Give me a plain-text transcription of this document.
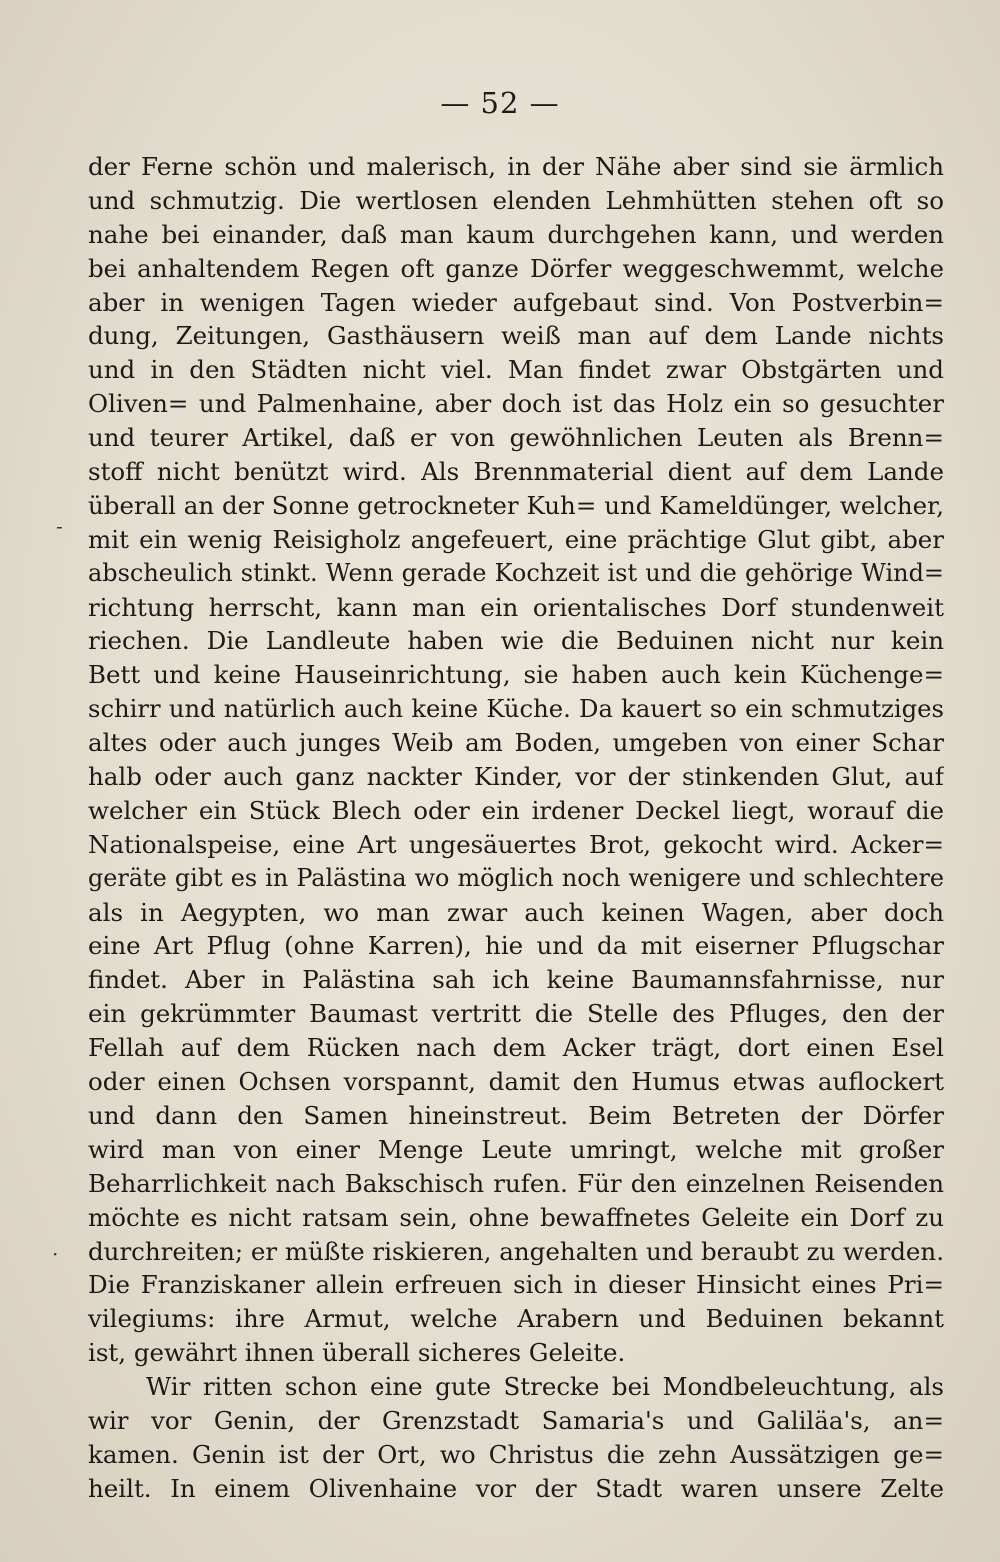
— 52 —
-
·
der Ferne schön und malerisch, in der Nähe aber sind sie ärmlich
und schmutzig. Die wertlosen elenden Lehmhütten stehen oft so
nahe bei einander, daß man kaum durchgehen kann, und werden
bei anhaltendem Regen oft ganze Dörfer weggeschwemmt, welche
aber in wenigen Tagen wieder aufgebaut sind. Von Postverbin=
dung, Zeitungen, Gasthäusern weiß man auf dem Lande nichts
und in den Städten nicht viel. Man findet zwar Obstgärten und
Oliven= und Palmenhaine, aber doch ist das Holz ein so gesuchter
und teurer Artikel, daß er von gewöhnlichen Leuten als Brenn=
stoff nicht benützt wird. Als Brennmaterial dient auf dem Lande
überall an der Sonne getrockneter Kuh= und Kameldünger, welcher,
mit ein wenig Reisigholz angefeuert, eine prächtige Glut gibt, aber
abscheulich stinkt. Wenn gerade Kochzeit ist und die gehörige Wind=
richtung herrscht, kann man ein orientalisches Dorf stundenweit
riechen. Die Landleute haben wie die Beduinen nicht nur kein
Bett und keine Hauseinrichtung, sie haben auch kein Küchenge=
schirr und natürlich auch keine Küche. Da kauert so ein schmutziges
altes oder auch junges Weib am Boden, umgeben von einer Schar
halb oder auch ganz nackter Kinder, vor der stinkenden Glut, auf
welcher ein Stück Blech oder ein irdener Deckel liegt, worauf die
Nationalspeise, eine Art ungesäuertes Brot, gekocht wird. Acker=
geräte gibt es in Palästina wo möglich noch wenigere und schlechtere
als in Aegypten, wo man zwar auch keinen Wagen, aber doch
eine Art Pflug (ohne Karren), hie und da mit eiserner Pflugschar
findet. Aber in Palästina sah ich keine Baumannsfahrnisse, nur
ein gekrümmter Baumast vertritt die Stelle des Pfluges, den der
Fellah auf dem Rücken nach dem Acker trägt, dort einen Esel
oder einen Ochsen vorspannt, damit den Humus etwas auflockert
und dann den Samen hineinstreut. Beim Betreten der Dörfer
wird man von einer Menge Leute umringt, welche mit großer
Beharrlichkeit nach Bakschisch rufen. Für den einzelnen Reisenden
möchte es nicht ratsam sein, ohne bewaffnetes Geleite ein Dorf zu
durchreiten; er müßte riskieren, angehalten und beraubt zu werden.
Die Franziskaner allein erfreuen sich in dieser Hinsicht eines Pri=
vilegiums: ihre Armut, welche Arabern und Beduinen bekannt
ist, gewährt ihnen überall sicheres Geleite.
Wir ritten schon eine gute Strecke bei Mondbeleuchtung, als
wir vor Genin, der Grenzstadt Samaria's und Galiläa's, an=
kamen. Genin ist der Ort, wo Christus die zehn Aussätzigen ge=
heilt. In einem Olivenhaine vor der Stadt waren unsere Zelte
